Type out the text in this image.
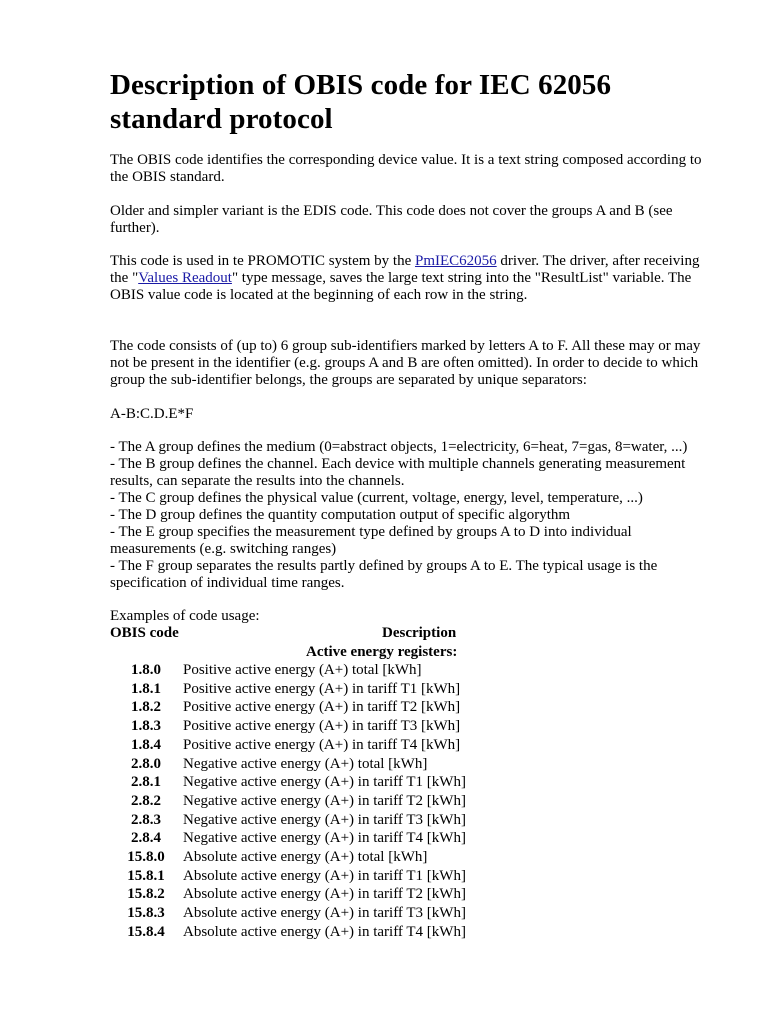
Description of OBIS code for IEC 62056 standard protocol

The OBIS code identifies the corresponding device value. It is a text string composed according to the OBIS standard.

Older and simpler variant is the EDIS code. This code does not cover the groups A and B (see further).

This code is used in te PROMOTIC system by the PmIEC62056 driver. The driver, after receiving the "Values Readout" type message, saves the large text string into the "ResultList" variable. The OBIS value code is located at the beginning of each row in the string.

The code consists of (up to) 6 group sub-identifiers marked by letters A to F. All these may or may not be present in the identifier (e.g. groups A and B are often omitted). In order to decide to which group the sub-identifier belongs, the groups are separated by unique separators:

A-B:C.D.E*F

- The A group defines the medium (0=abstract objects, 1=electricity, 6=heat, 7=gas, 8=water, ...)
- The B group defines the channel. Each device with multiple channels generating measurement results, can separate the results into the channels.
- The C group defines the physical value (current, voltage, energy, level, temperature, ...)
- The D group defines the quantity computation output of specific algorythm
- The E group specifies the measurement type defined by groups A to D into individual measurements (e.g. switching ranges)
- The F group separates the results partly defined by groups A to E. The typical usage is the specification of individual time ranges.

Examples of code usage:

OBIS code	Description
Active energy registers:
1.8.0	Positive active energy (A+) total [kWh]
1.8.1	Positive active energy (A+) in tariff T1 [kWh]
1.8.2	Positive active energy (A+) in tariff T2 [kWh]
1.8.3	Positive active energy (A+) in tariff T3 [kWh]
1.8.4	Positive active energy (A+) in tariff T4 [kWh]
2.8.0	Negative active energy (A+) total [kWh]
2.8.1	Negative active energy (A+) in tariff T1 [kWh]
2.8.2	Negative active energy (A+) in tariff T2 [kWh]
2.8.3	Negative active energy (A+) in tariff T3 [kWh]
2.8.4	Negative active energy (A+) in tariff T4 [kWh]
15.8.0	Absolute active energy (A+) total [kWh]
15.8.1	Absolute active energy (A+) in tariff T1 [kWh]
15.8.2	Absolute active energy (A+) in tariff T2 [kWh]
15.8.3	Absolute active energy (A+) in tariff T3 [kWh]
15.8.4	Absolute active energy (A+) in tariff T4 [kWh]
